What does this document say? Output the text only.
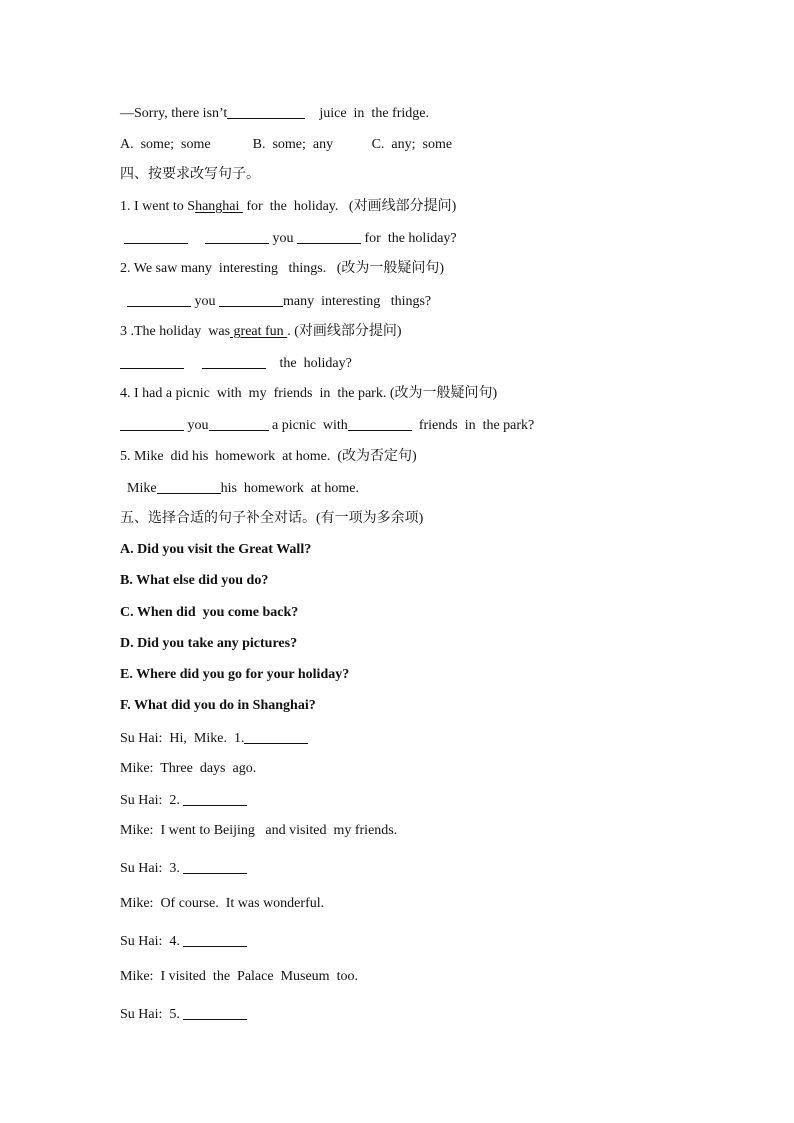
—Sorry, there isn’t	juice  in  the fridge.
A.  some;  some            B.  some;  any           C.  any;  some
四、按要求改写句子。
1. I went to Shanghai  for  the  holiday.   (对画线部分提问)
you	for  the holiday?
2. We saw many  interesting   things.   (改为一般疑问句)
you	many  interesting   things?
3 .The holiday  was great fun . (对画线部分提问)
the  holiday?
4. I had a picnic  with  my  friends  in  the park. (改为一般疑问句)
you	a picnic  with	friends  in  the park?
5. Mike  did his  homework  at home.  (改为否定句)
Mike	his  homework  at home.
五、选择合适的句子补全对话。(有一项为多余项)
A. Did you visit the Great Wall?
B. What else did you do?
C. When did  you come back?
D. Did you take any pictures?
E. Where did you go for your holiday?
F. What did you do in Shanghai?
Su Hai:  Hi,  Mike.  1.
Mike:  Three  days  ago.
Su Hai:  2.
Mike:  I went to Beijing   and visited  my friends.
Su Hai:  3.
Mike:  Of course.  It was wonderful.
Su Hai:  4.
Mike:  I visited  the  Palace  Museum  too.
Su Hai:  5.
